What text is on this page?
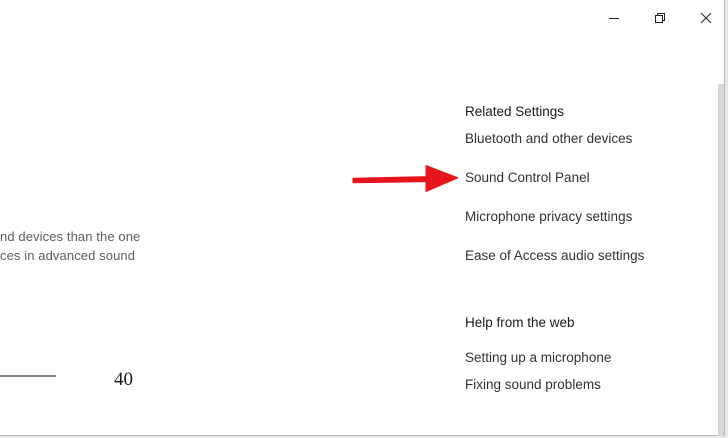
nd devices than the one
ces in advanced sound
40
Related Settings
Bluetooth and other devices
Sound Control Panel
Microphone privacy settings
Ease of Access audio settings
Help from the web
Setting up a microphone
Fixing sound problems
